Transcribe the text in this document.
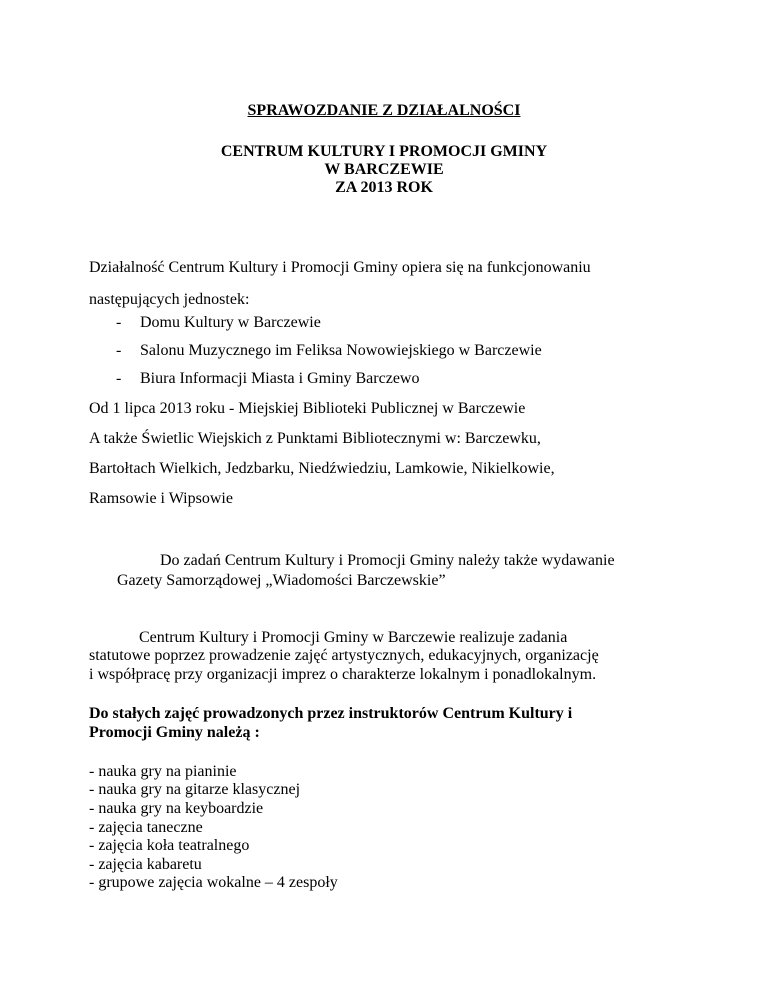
SPRAWOZDANIE Z DZIAŁALNOŚCI
CENTRUM KULTURY I PROMOCJI GMINY
W BARCZEWIE
ZA 2013 ROK
Działalność Centrum Kultury i Promocji Gminy opiera się na funkcjonowaniu
następujących jednostek:
- Domu Kultury w Barczewie
- Salonu Muzycznego im Feliksa Nowowiejskiego w Barczewie
- Biura Informacji Miasta i Gminy Barczewo
Od 1 lipca 2013 roku - Miejskiej Biblioteki Publicznej w Barczewie
A także Świetlic Wiejskich z Punktami Bibliotecznymi w: Barczewku,
Bartołtach Wielkich, Jedzbarku, Niedźwiedziu, Lamkowie, Nikielkowie,
Ramsowie i Wipsowie
Do zadań Centrum Kultury i Promocji Gminy należy także wydawanie
Gazety Samorządowej „Wiadomości Barczewskie”
Centrum Kultury i Promocji Gminy w Barczewie realizuje zadania
statutowe poprzez prowadzenie zajęć artystycznych, edukacyjnych, organizację
i współpracę przy organizacji imprez o charakterze lokalnym i ponadlokalnym.
Do stałych zajęć prowadzonych przez instruktorów Centrum Kultury i
Promocji Gminy należą :
- nauka gry na pianinie
- nauka gry na gitarze klasycznej
- nauka gry na keyboardzie
- zajęcia taneczne
- zajęcia koła teatralnego
- zajęcia kabaretu
- grupowe zajęcia wokalne – 4 zespoły
